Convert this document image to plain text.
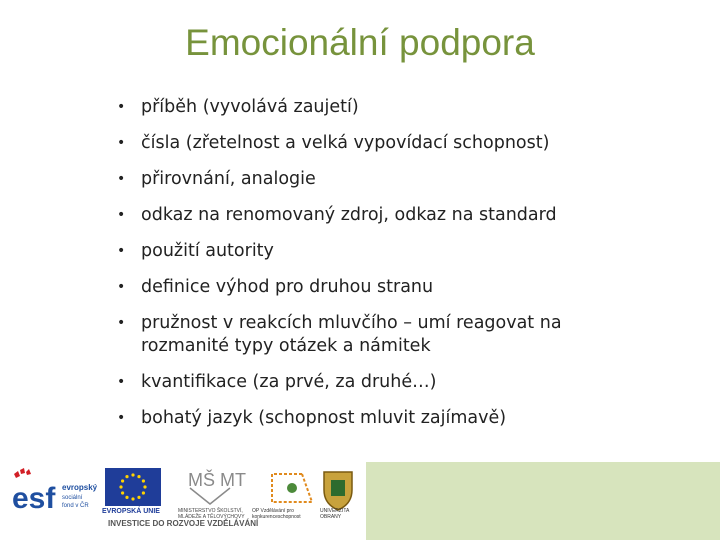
Emocionální podpora
• příběh (vyvolává zaujetí)
• čísla (zřetelnost a velká vypovídací schopnost)
• přirovnání, analogie
• odkaz na renomovaný zdroj, odkaz na standard
• použití autority
• definice výhod pro druhou stranu
• pružnost v reakcích mluvčího – umí reagovat na rozmanité typy otázek a námitek
• kvantifikace (za prvé, za druhé…)
• bohatý jazyk (schopnost mluvit zajímavě)
esf evropský
sociální
fond v ČR
EVROPSKÁ UNIE
MŠ MT
MINISTERSTVO ŠKOLSTVÍ, MLÁDEŽE A TĚLOVÝCHOVY
OP Vzdělávání pro konkurenceschopnost
UNIVERZITA OBRANY
INVESTICE DO ROZVOJE VZDĚLÁVÁNÍ
